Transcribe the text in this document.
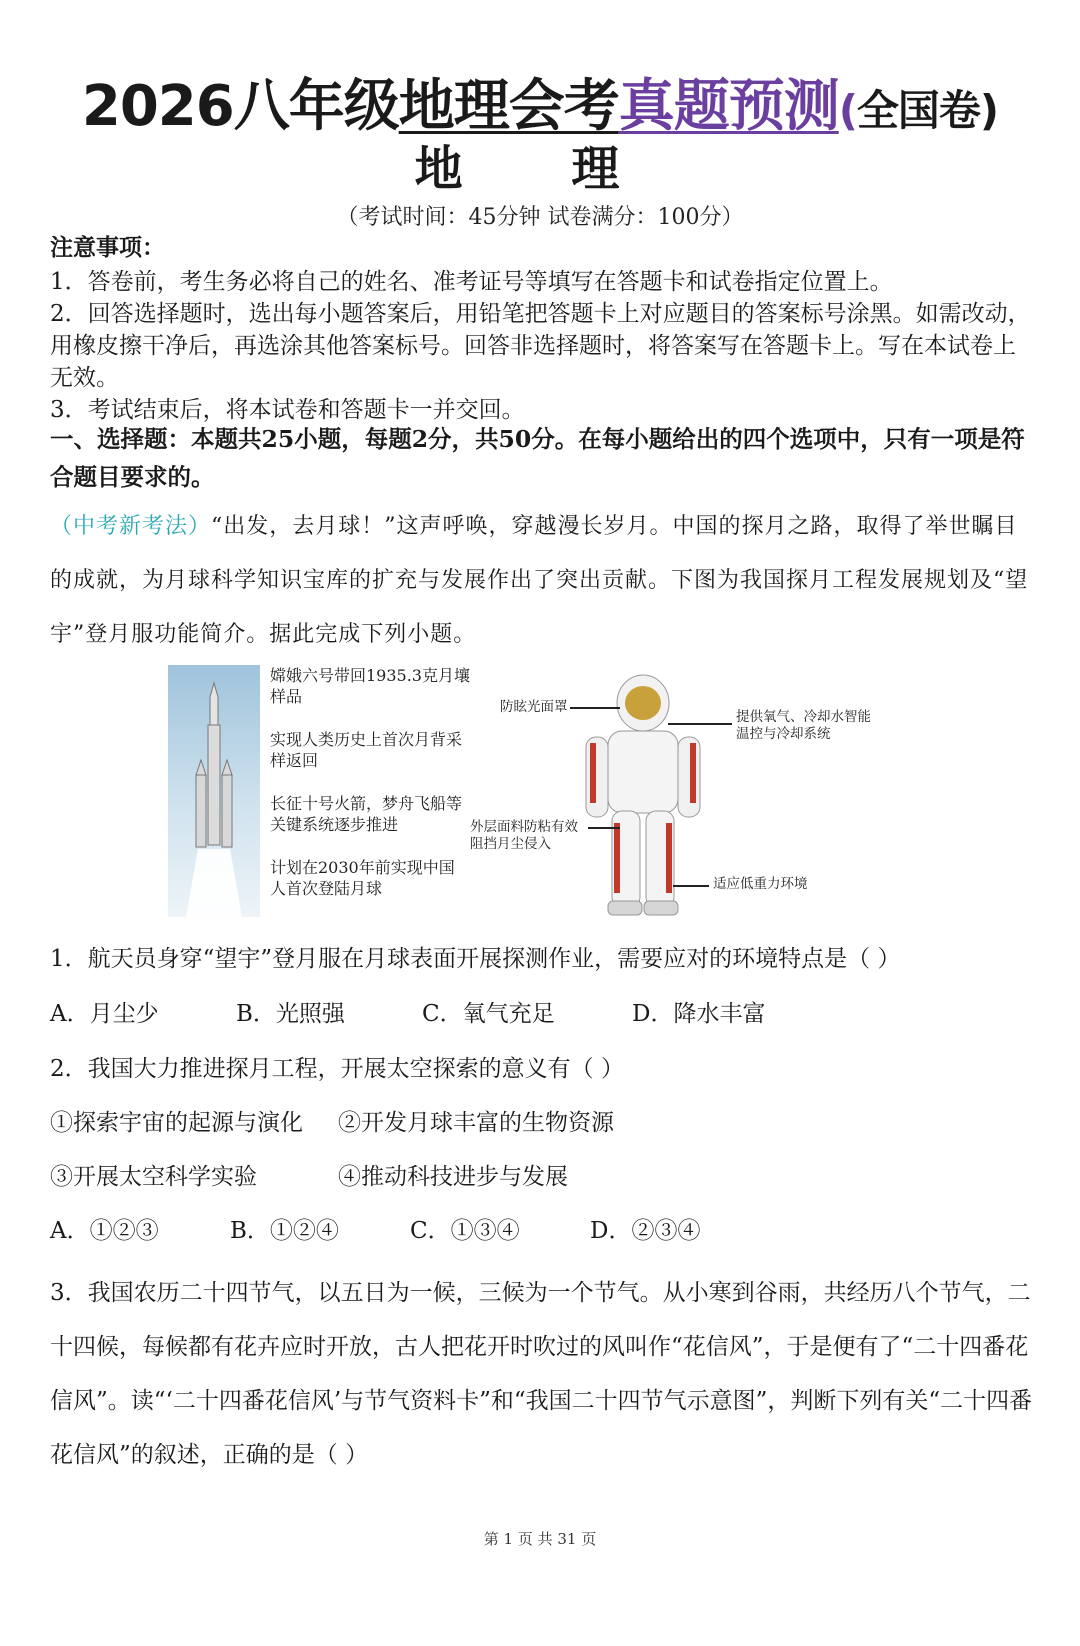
2026八年级地理会考真题预测(全国卷)
地 理
（考试时间：45分钟 试卷满分：100分）
注意事项：

1．答卷前，考生务必将自己的姓名、准考证号等填写在答题卡和试卷指定位置上。

2．回答选择题时，选出每小题答案后，用铅笔把答题卡上对应题目的答案标号涂黑。如需改动，用橡皮擦干净后，再选涂其他答案标号。回答非选择题时，将答案写在答题卡上。写在本试卷上无效。

3．考试结束后，将本试卷和答题卡一并交回。

一、选择题：本题共25小题，每题2分，共50分。在每小题给出的四个选项中，只有一项是符合题目要求的。
（中考新考法）“出发，去月球！”这声呼唤，穿越漫长岁月。中国的探月之路，取得了举世瞩目的成就，为月球科学知识宝库的扩充与发展作出了突出贡献。下图为我国探月工程发展规划及“望宇”登月服功能简介。据此完成下列小题。
嫦娥六号带回1935.3克月壤样品
实现人类历史上首次月背采样返回
长征十号火箭，梦舟飞船等关键系统逐步推进
计划在2030年前实现中国人首次登陆月球
防眩光面罩
提供氧气、冷却水智能温控与冷却系统
外层面料防粘有效阻挡月尘侵入
适应低重力环境
1．航天员身穿“望宇”登月服在月球表面开展探测作业，需要应对的环境特点是（ ）
A．月尘少	B．光照强	C．氧气充足	D．降水丰富
2．我国大力推进探月工程，开展太空探索的意义有（ ）
①探索宇宙的起源与演化 ②开发月球丰富的生物资源
③开展太空科学实验	④推动科技进步与发展
A．①②③	B．①②④	C．①③④	D．②③④
3．我国农历二十四节气，以五日为一候，三候为一个节气。从小寒到谷雨，共经历八个节气，二十四候，每候都有花卉应时开放，古人把花开时吹过的风叫作“花信风”，于是便有了“二十四番花信风”。读“‘二十四番花信风’与节气资料卡”和“我国二十四节气示意图”，判断下列有关“二十四番花信风”的叙述，正确的是（ ）
第 1 页 共 31 页
